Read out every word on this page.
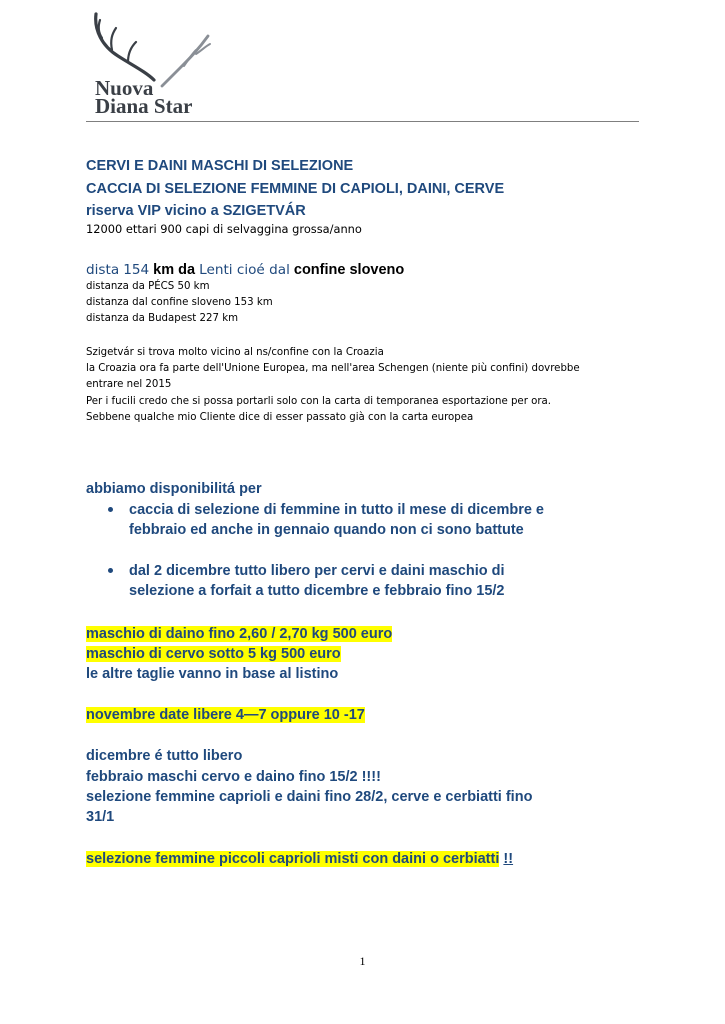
Nuova
Diana Star
CERVI E DAINI MASCHI DI SELEZIONE
CACCIA DI SELEZIONE FEMMINE DI CAPIOLI, DAINI, CERVE
riserva VIP vicino a SZIGETVÁR
12000 ettari 900 capi di selvaggina grossa/anno
dista 154 km da Lenti cioé dal confine sloveno
distanza da PÉCS 50 km
distanza dal confine sloveno 153 km
distanza da Budapest 227 km
Szigetvár si trova molto vicino al ns/confine con la Croazia
la Croazia ora fa parte dell'Unione Europea, ma nell'area Schengen (niente più confini) dovrebbe
entrare nel 2015
Per i fucili credo che si possa portarli solo con la carta di temporanea esportazione per ora.
Sebbene qualche mio Cliente dice di esser passato già con la carta europea
abbiamo disponibilitá per
caccia di selezione di femmine in tutto il mese di dicembre e
febbraio ed anche in gennaio quando non ci sono battute
dal 2 dicembre tutto libero per cervi e daini maschio di
selezione a forfait a tutto dicembre e febbraio fino 15/2
maschio di daino fino 2,60 / 2,70 kg 500 euro
maschio di cervo sotto 5 kg 500 euro
le altre taglie vanno in base al listino
novembre date libere 4—7 oppure 10 -17
dicembre é tutto libero
febbraio maschi cervo e daino fino 15/2 !!!!
selezione femmine caprioli e daini fino 28/2, cerve e cerbiatti fino
31/1
selezione femmine piccoli caprioli misti con daini o cerbiatti !!
1
